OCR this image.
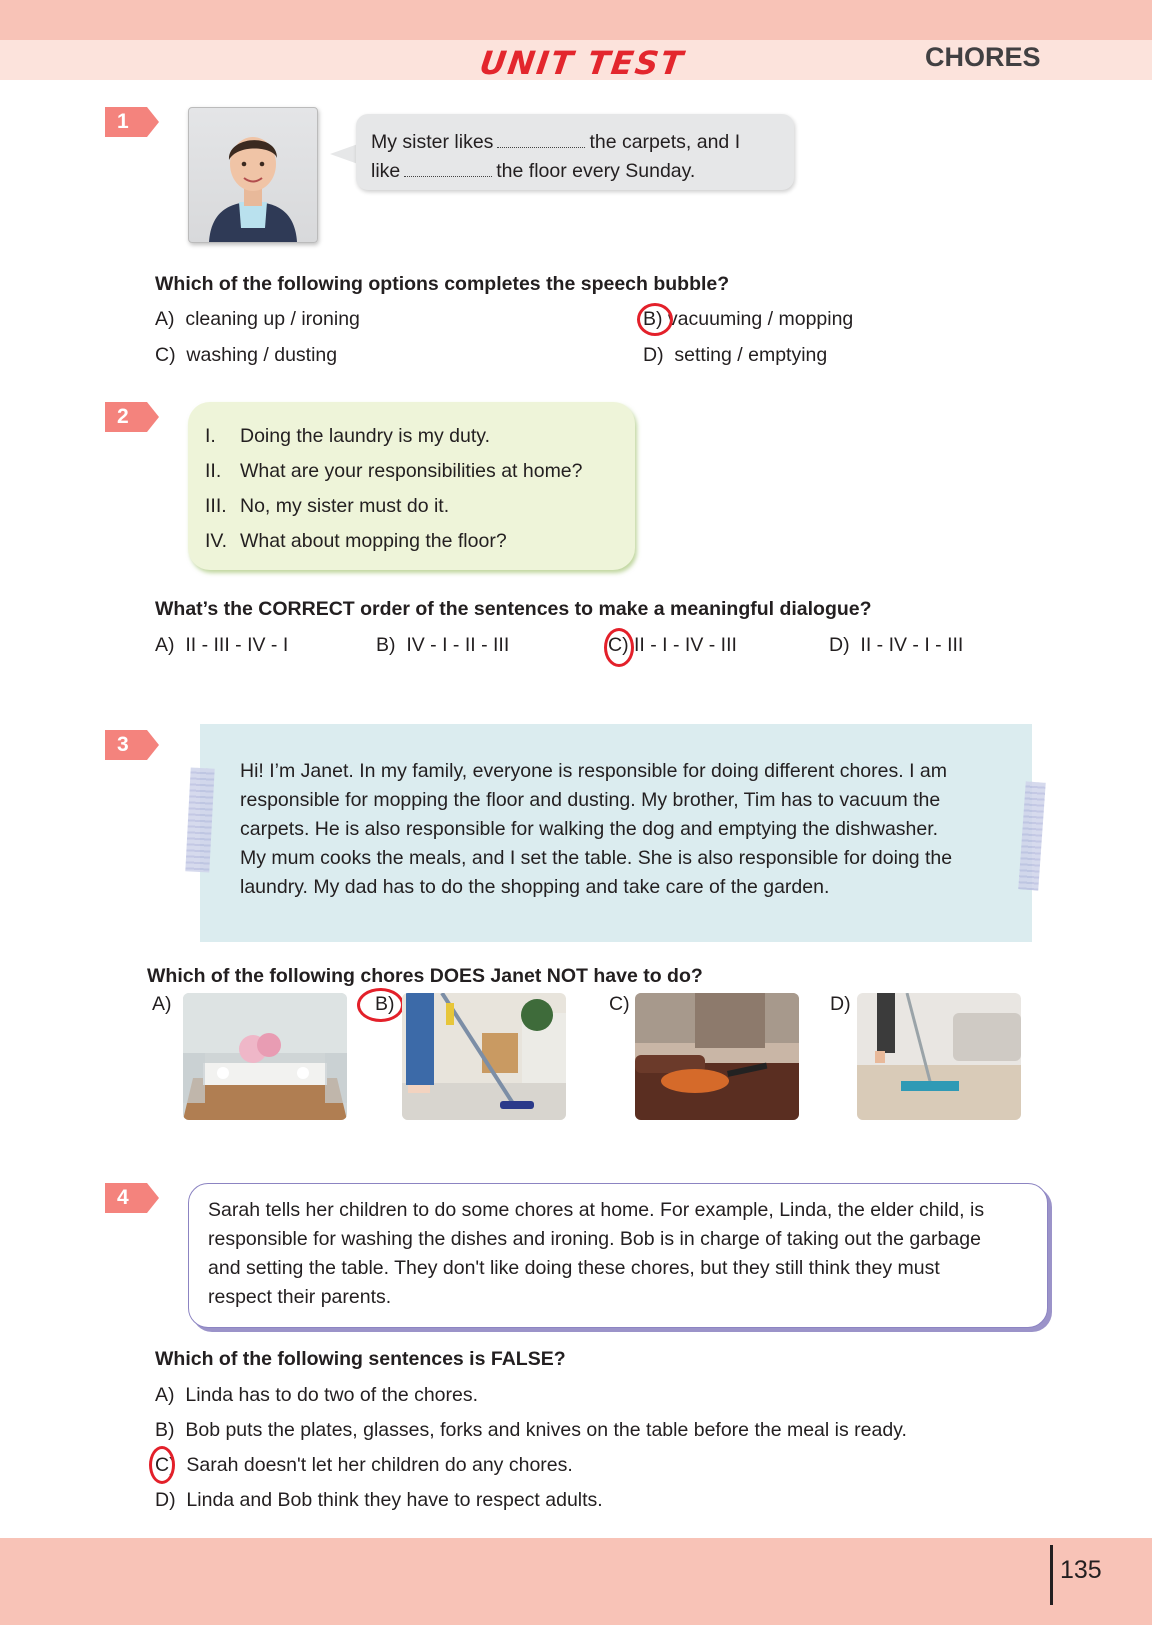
UNIT TEST	CHORES
1
My sister likes	the carpets, and I
like	the floor every Sunday.
Which of the following options completes the speech bubble?
A) cleaning up / ironing	B) vacuuming / mopping
C) washing / dusting	D) setting / emptying
2
I. Doing the laundry is my duty.
II. What are your responsibilities at home?
III. No, my sister must do it.
IV. What about mopping the floor?
What’s the CORRECT order of the sentences to make a meaningful dialogue?
A) II - III - IV - I	B) IV - I - II - III	C) II - I - IV - III	D) II - IV - I - III
3
Hi! I’m Janet. In my family, everyone is responsible for doing different chores. I am
responsible for mopping the floor and dusting. My brother, Tim has to vacuum the
carpets. He is also responsible for walking the dog and emptying the dishwasher.
My mum cooks the meals, and I set the table. She is also responsible for doing the
laundry. My dad has to do the shopping and take care of the garden.
Which of the following chores DOES Janet NOT have to do?
A)	B)	C)	D)
4
Sarah tells her children to do some chores at home. For example, Linda, the elder child, is
responsible for washing the dishes and ironing. Bob is in charge of taking out the garbage
and setting the table. They don't like doing these chores, but they still think they must
respect their parents.
Which of the following sentences is FALSE?
A) Linda has to do two of the chores.
B) Bob puts the plates, glasses, forks and knives on the table before the meal is ready.
C) Sarah doesn't let her children do any chores.
D) Linda and Bob think they have to respect adults.
135
